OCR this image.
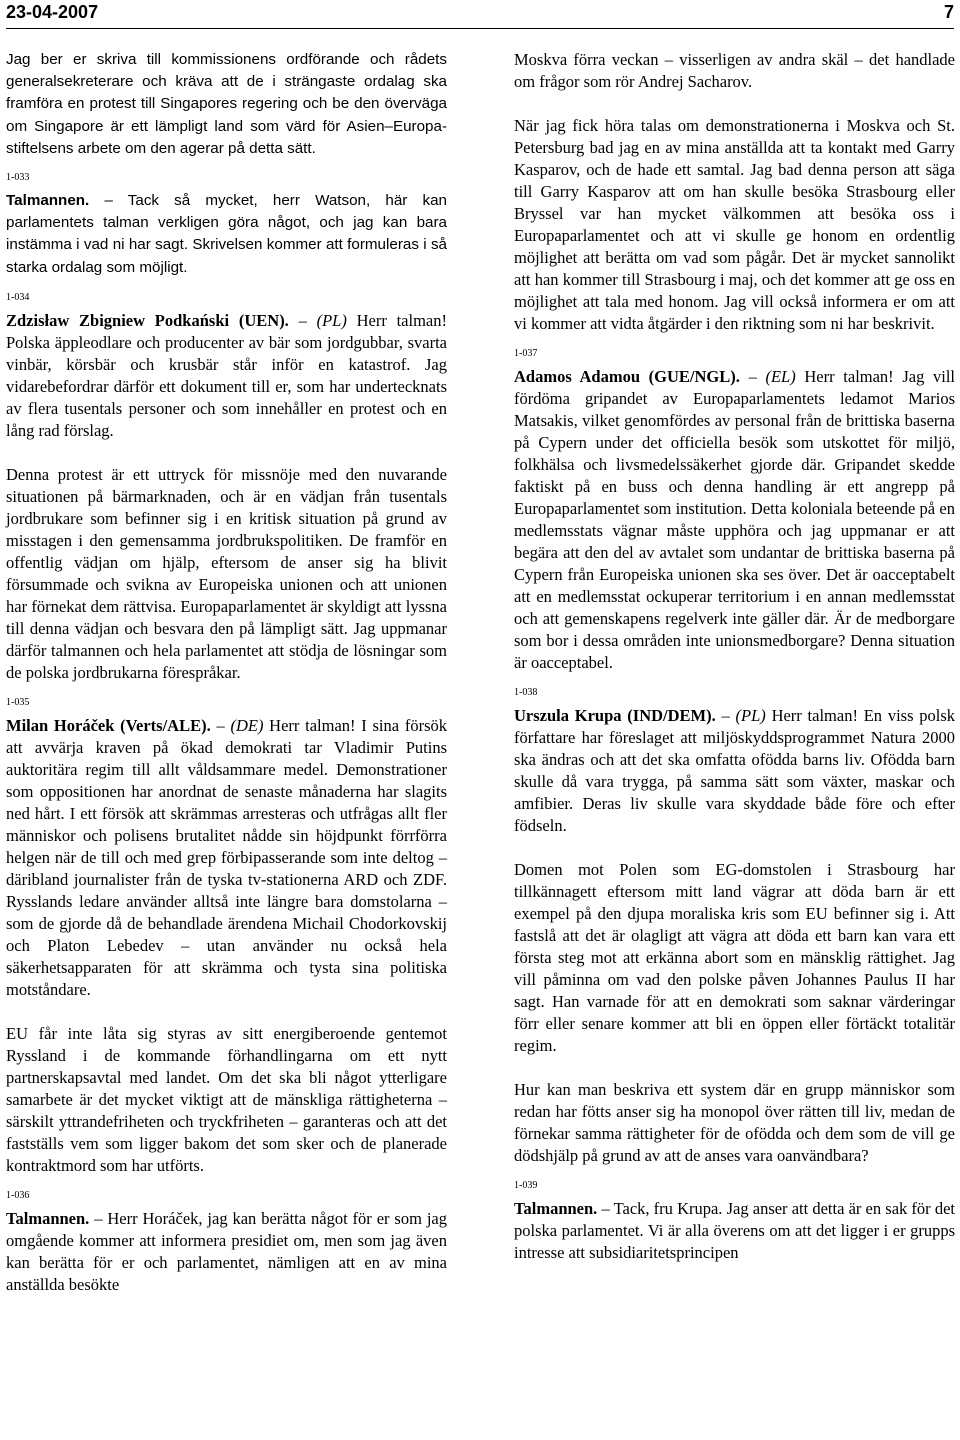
23-04-2007	7

Jag ber er skriva till kommissionens ordförande och rådets generalsekreterare och kräva att de i strängaste ordalag ska framföra en protest till Singapores regering och be den överväga om Singapore är ett lämpligt land som värd för Asien–Europa-stiftelsens arbete om den agerar på detta sätt.

1-033

Talmannen. – Tack så mycket, herr Watson, här kan parlamentets talman verkligen göra något, och jag kan bara instämma i vad ni har sagt. Skrivelsen kommer att formuleras i så starka ordalag som möjligt.

1-034

Zdzisław Zbigniew Podkański (UEN). – (PL) Herr talman! Polska äppleodlare och producenter av bär som jordgubbar, svarta vinbär, körsbär och krusbär står inför en katastrof. Jag vidarebefordrar därför ett dokument till er, som har undertecknats av flera tusentals personer och som innehåller en protest och en lång rad förslag.

Denna protest är ett uttryck för missnöje med den nuvarande situationen på bärmarknaden, och är en vädjan från tusentals jordbrukare som befinner sig i en kritisk situation på grund av misstagen i den gemensamma jordbrukspolitiken. De framför en offentlig vädjan om hjälp, eftersom de anser sig ha blivit försummade och svikna av Europeiska unionen och att unionen har förnekat dem rättvisa. Europaparlamentet är skyldigt att lyssna till denna vädjan och besvara den på lämpligt sätt. Jag uppmanar därför talmannen och hela parlamentet att stödja de lösningar som de polska jordbrukarna förespråkar.

1-035

Milan Horáček (Verts/ALE). – (DE) Herr talman! I sina försök att avvärja kraven på ökad demokrati tar Vladimir Putins auktoritära regim till allt våldsammare medel. Demonstrationer som oppositionen har anordnat de senaste månaderna har slagits ned hårt. I ett försök att skrämmas arresteras och utfrågas allt fler människor och polisens brutalitet nådde sin höjdpunkt förrförra helgen när de till och med grep förbipasserande som inte deltog – däribland journalister från de tyska tv-stationerna ARD och ZDF. Rysslands ledare använder alltså inte längre bara domstolarna – som de gjorde då de behandlade ärendena Michail Chodorkovskij och Platon Lebedev – utan använder nu också hela säkerhetsapparaten för att skrämma och tysta sina politiska motståndare.

EU får inte låta sig styras av sitt energiberoende gentemot Ryssland i de kommande förhandlingarna om ett nytt partnerskapsavtal med landet. Om det ska bli något ytterligare samarbete är det mycket viktigt att de mänskliga rättigheterna – särskilt yttrandefriheten och tryckfriheten – garanteras och att det fastställs vem som ligger bakom det som sker och de planerade kontraktmord som har utförts.

1-036

Talmannen. – Herr Horáček, jag kan berätta något för er som jag omgående kommer att informera presidiet om, men som jag även kan berätta för er och parlamentet, nämligen att en av mina anställda besökte

Moskva förra veckan – visserligen av andra skäl – det handlade om frågor som rör Andrej Sacharov.

När jag fick höra talas om demonstrationerna i Moskva och St. Petersburg bad jag en av mina anställda att ta kontakt med Garry Kasparov, och de hade ett samtal. Jag bad denna person att säga till Garry Kasparov att om han skulle besöka Strasbourg eller Bryssel var han mycket välkommen att besöka oss i Europaparlamentet och att vi skulle ge honom en ordentlig möjlighet att berätta om vad som pågår. Det är mycket sannolikt att han kommer till Strasbourg i maj, och det kommer att ge oss en möjlighet att tala med honom. Jag vill också informera er om att vi kommer att vidta åtgärder i den riktning som ni har beskrivit.

1-037

Adamos Adamou (GUE/NGL). – (EL) Herr talman! Jag vill fördöma gripandet av Europaparlamentets ledamot Marios Matsakis, vilket genomfördes av personal från de brittiska baserna på Cypern under det officiella besök som utskottet för miljö, folkhälsa och livsmedelssäkerhet gjorde där. Gripandet skedde faktiskt på en buss och denna handling är ett angrepp på Europaparlamentet som institution. Detta koloniala beteende på en medlemsstats vägnar måste upphöra och jag uppmanar er att begära att den del av avtalet som undantar de brittiska baserna på Cypern från Europeiska unionen ska ses över. Det är oacceptabelt att en medlemsstat ockuperar territorium i en annan medlemsstat och att gemenskapens regelverk inte gäller där. Är de medborgare som bor i dessa områden inte unionsmedborgare? Denna situation är oacceptabel.

1-038

Urszula Krupa (IND/DEM). – (PL) Herr talman! En viss polsk författare har föreslaget att miljöskyddsprogrammet Natura 2000 ska ändras och att det ska omfatta ofödda barns liv. Ofödda barn skulle då vara trygga, på samma sätt som växter, maskar och amfibier. Deras liv skulle vara skyddade både före och efter födseln.

Domen mot Polen som EG-domstolen i Strasbourg har tillkännagett eftersom mitt land vägrar att döda barn är ett exempel på den djupa moraliska kris som EU befinner sig i. Att fastslå att det är olagligt att vägra att döda ett barn kan vara ett första steg mot att erkänna abort som en mänsklig rättighet. Jag vill påminna om vad den polske påven Johannes Paulus II har sagt. Han varnade för att en demokrati som saknar värderingar förr eller senare kommer att bli en öppen eller förtäckt totalitär regim.

Hur kan man beskriva ett system där en grupp människor som redan har fötts anser sig ha monopol över rätten till liv, medan de förnekar samma rättigheter för de ofödda och dem som de vill ge dödshjälp på grund av att de anses vara oanvändbara?

1-039

Talmannen. – Tack, fru Krupa. Jag anser att detta är en sak för det polska parlamentet. Vi är alla överens om att det ligger i er grupps intresse att subsidiaritetsprincipen
